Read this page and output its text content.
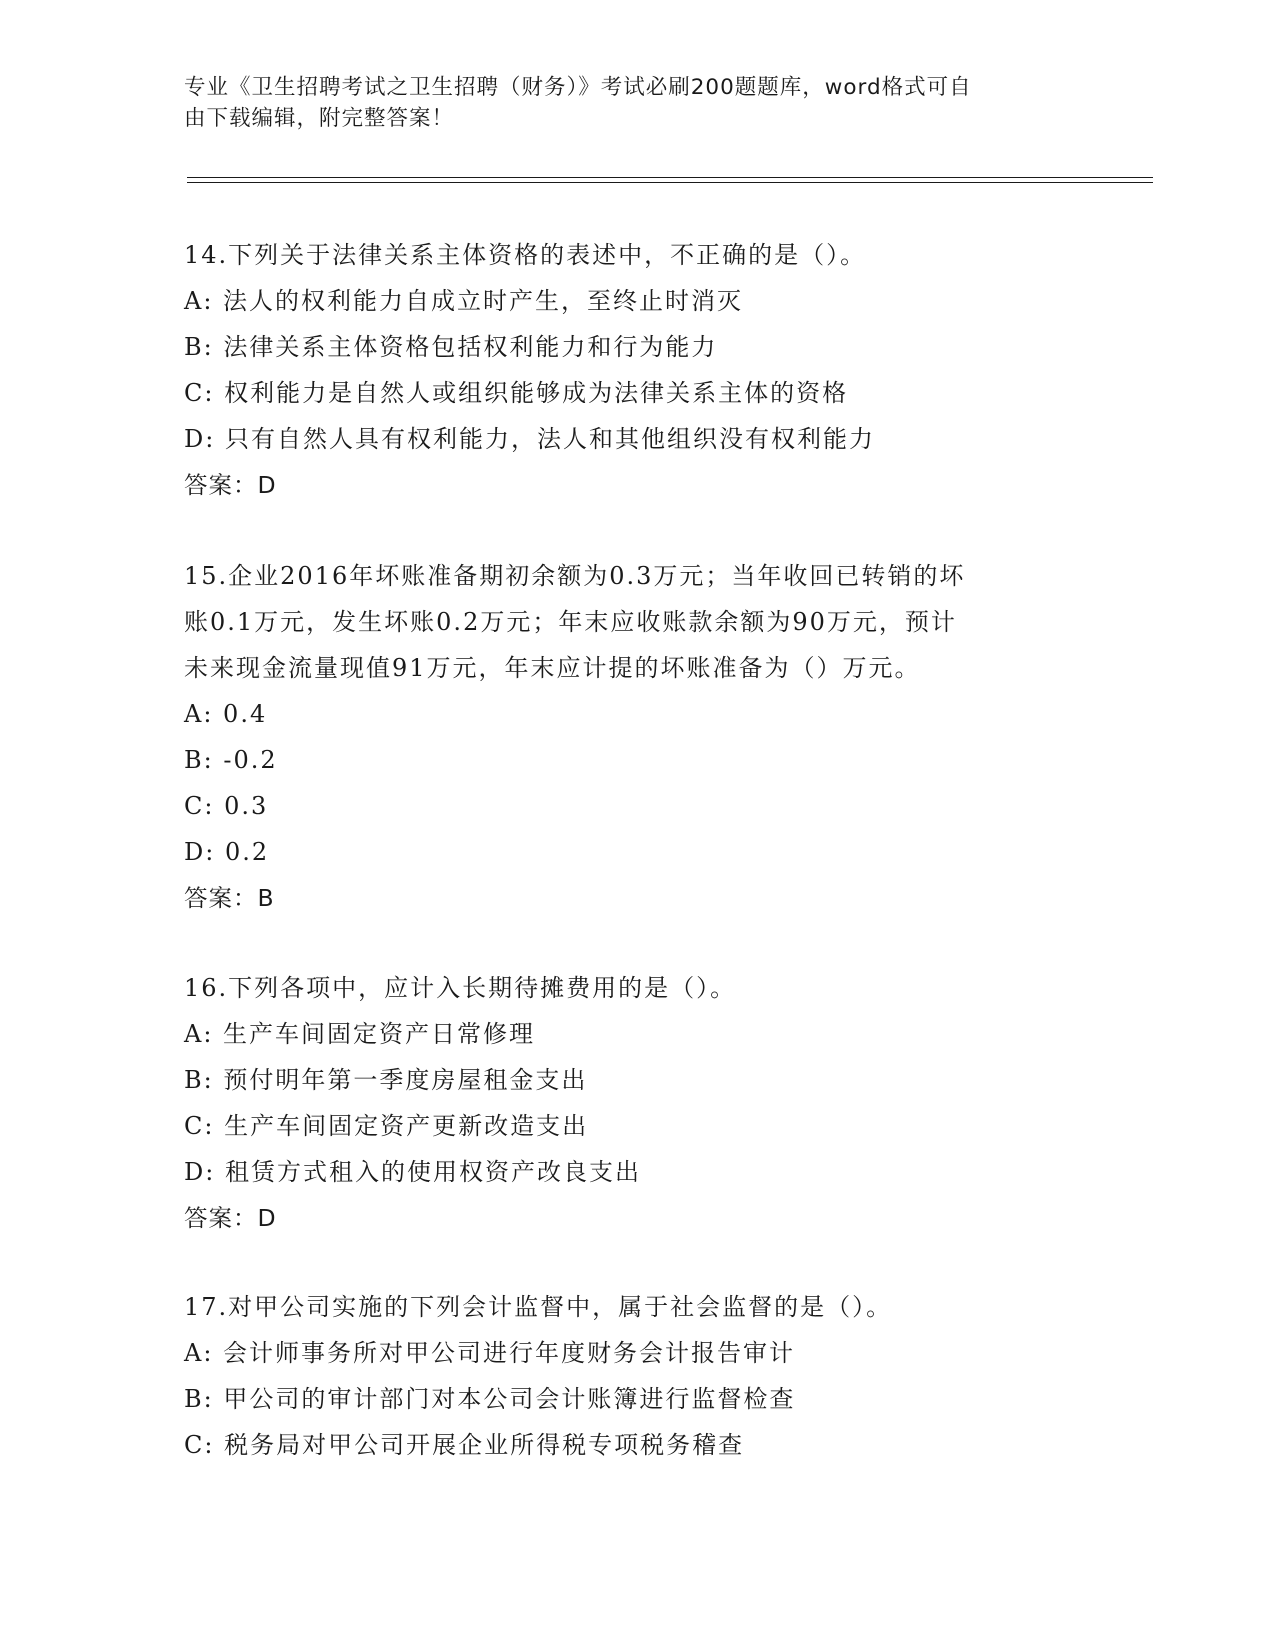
专业《卫生招聘考试之卫生招聘（财务）》考试必刷200题题库，word格式可自
由下载编辑，附完整答案！
14.下列关于法律关系主体资格的表述中，不正确的是（）。
A: 法人的权利能力自成立时产生，至终止时消灭
B: 法律关系主体资格包括权利能力和行为能力
C: 权利能力是自然人或组织能够成为法律关系主体的资格
D: 只有自然人具有权利能力，法人和其他组织没有权利能力
答案：D
15.企业2016年坏账准备期初余额为0.3万元；当年收回已转销的坏
账0.1万元，发生坏账0.2万元；年末应收账款余额为90万元，预计
未来现金流量现值91万元，年末应计提的坏账准备为（）万元。
A: 0.4
B: -0.2
C: 0.3
D: 0.2
答案：B
16.下列各项中，应计入长期待摊费用的是（）。
A: 生产车间固定资产日常修理
B: 预付明年第一季度房屋租金支出
C: 生产车间固定资产更新改造支出
D: 租赁方式租入的使用权资产改良支出
答案：D
17.对甲公司实施的下列会计监督中，属于社会监督的是（）。
A: 会计师事务所对甲公司进行年度财务会计报告审计
B: 甲公司的审计部门对本公司会计账簿进行监督检查
C: 税务局对甲公司开展企业所得税专项税务稽查
